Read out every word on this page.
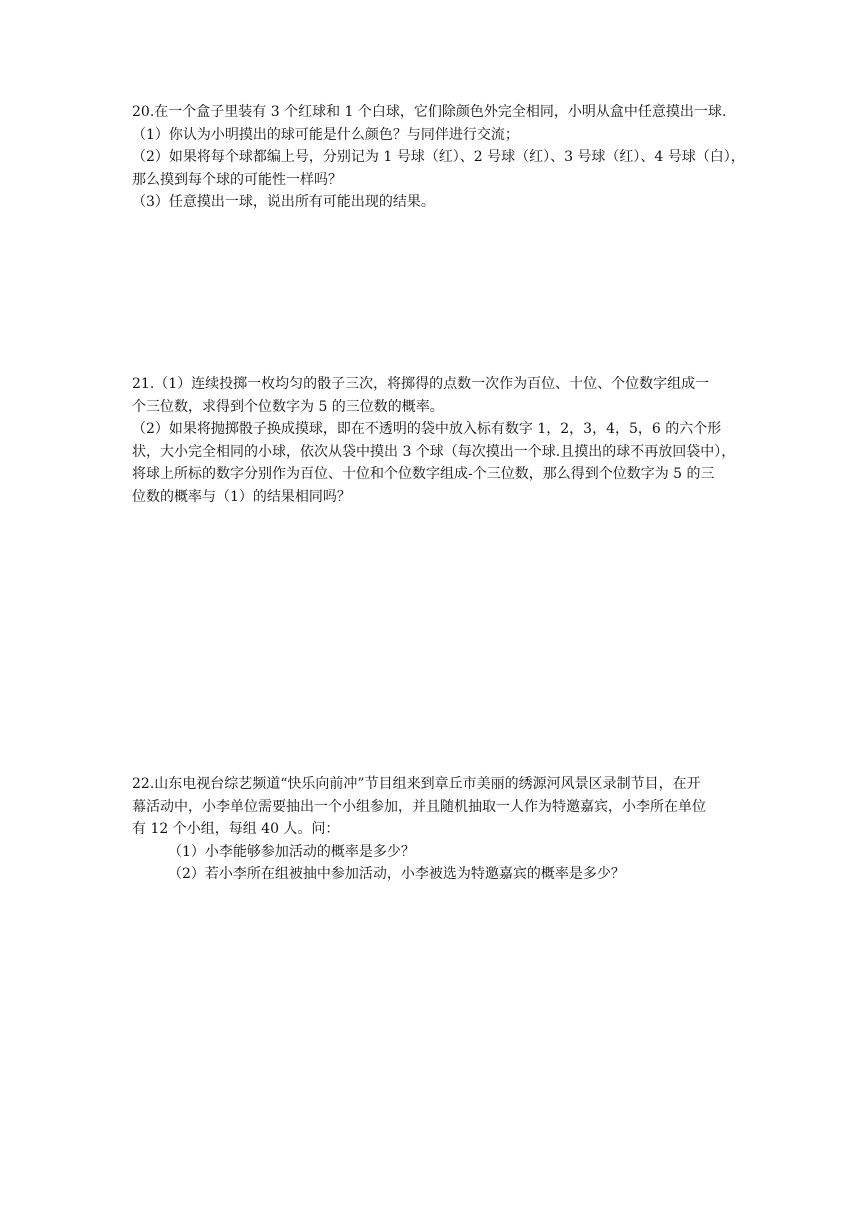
20.在一个盒子里装有 3 个红球和 1 个白球，它们除颜色外完全相同，小明从盒中任意摸出一球.
（1）你认为小明摸出的球可能是什么颜色？与同伴进行交流；
（2）如果将每个球都编上号，分别记为 1 号球（红）、2 号球（红）、3 号球（红）、4 号球（白），
那么摸到每个球的可能性一样吗？
（3）任意摸出一球，说出所有可能出现的结果。
21.（1）连续投掷一枚均匀的骰子三次，将掷得的点数一次作为百位、十位、个位数字组成一
个三位数，求得到个位数字为 5 的三位数的概率。
（2）如果将抛掷骰子换成摸球，即在不透明的袋中放入标有数字 1，2，3，4，5，6 的六个形
状，大小完全相同的小球，依次从袋中摸出 3 个球（每次摸出一个球.且摸出的球不再放回袋中），
将球上所标的数字分别作为百位、十位和个位数字组成-个三位数，那么得到个位数字为 5 的三
位数的概率与（1）的结果相同吗？
22.山东电视台综艺频道“快乐向前冲”节目组来到章丘市美丽的绣源河风景区录制节目，在开
幕活动中，小李单位需要抽出一个小组参加，并且随机抽取一人作为特邀嘉宾，小李所在单位
有 12 个小组，每组 40 人。问：
（1）小李能够参加活动的概率是多少？
（2）若小李所在组被抽中参加活动，小李被选为特邀嘉宾的概率是多少？
